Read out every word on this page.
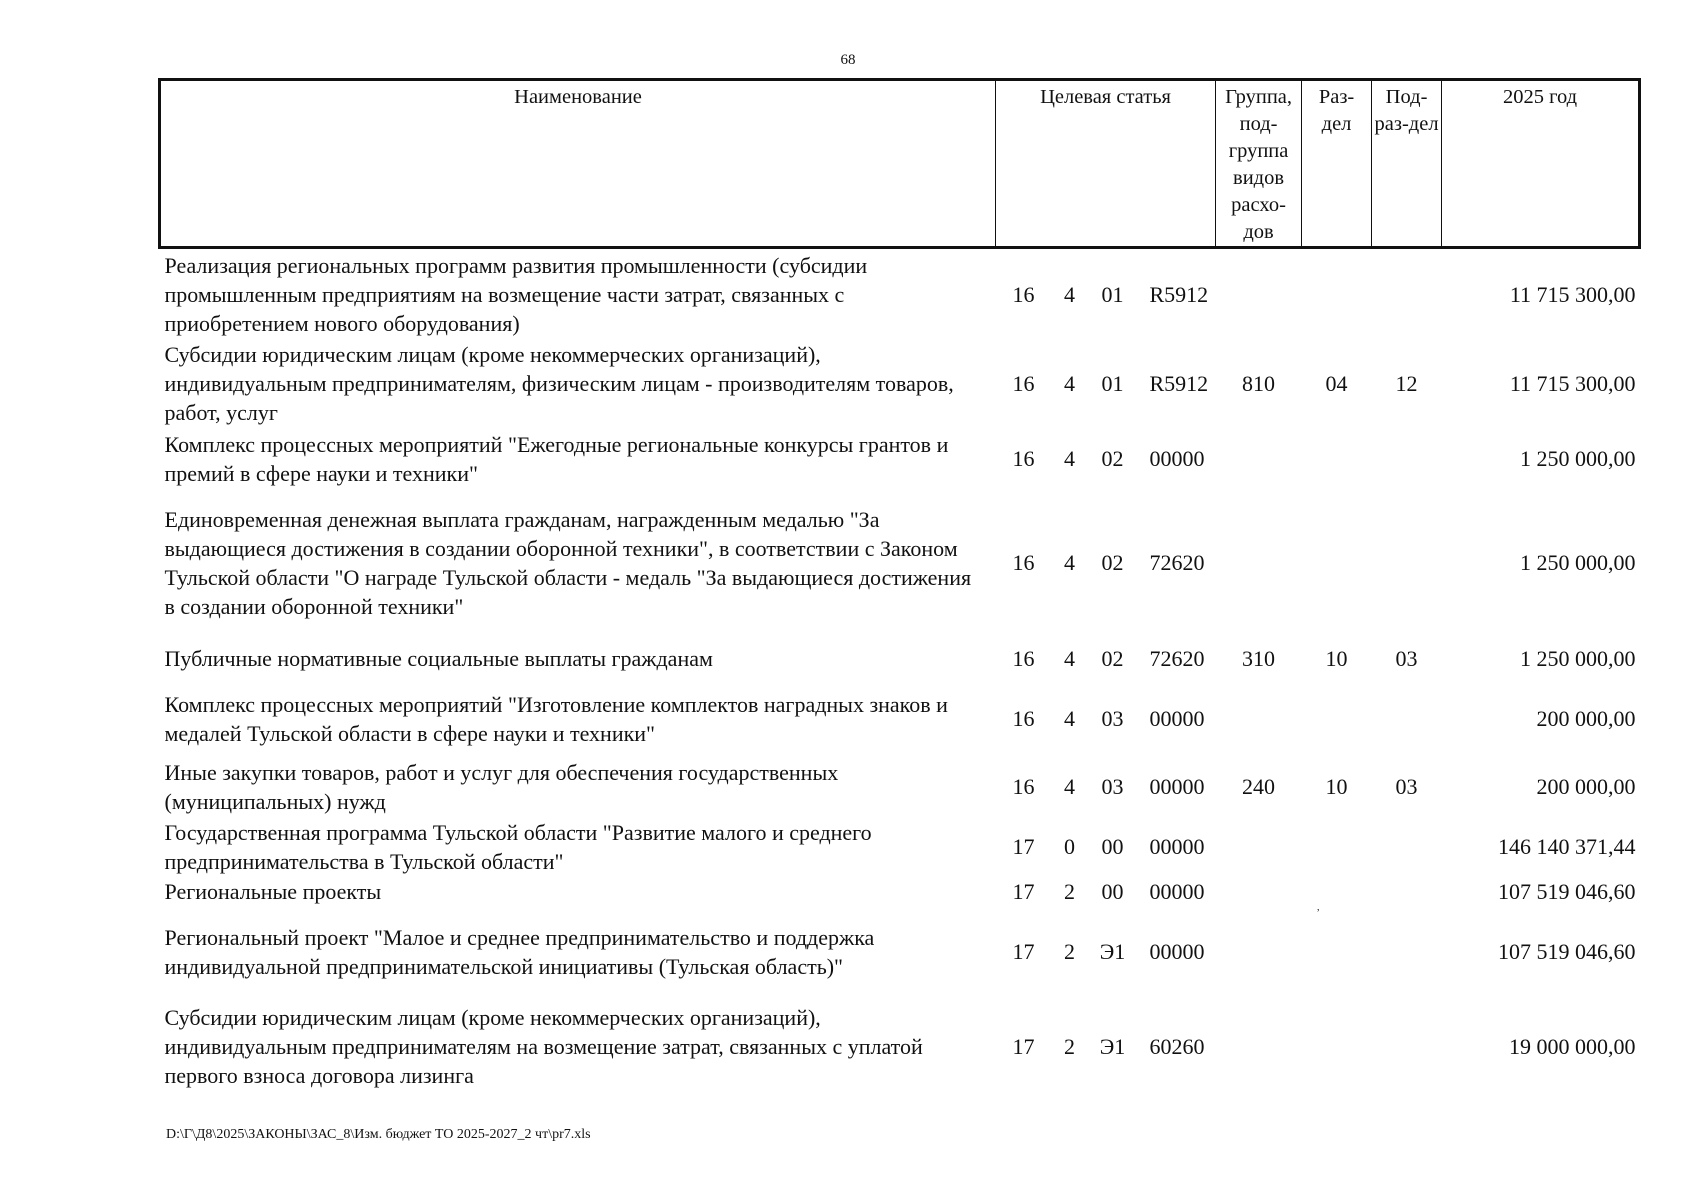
68
Наименование	Целевая статья				Группа, под-группа видов расхо-дов	Раз-дел	Под-раз-дел	2025 год
Реализация региональных программ развития промышленности (субсидии промышленным предприятиям на возмещение части затрат, связанных с приобретением нового оборудования)	16	4	01	R5912				11 715 300,00
Субсидии юридическим лицам (кроме некоммерческих организаций), индивидуальным предпринимателям, физическим лицам - производителям товаров, работ, услуг	16	4	01	R5912	810	04	12	11 715 300,00
Комплекс процессных мероприятий "Ежегодные региональные конкурсы грантов и премий в сфере науки и техники"	16	4	02	00000				1 250 000,00
Единовременная денежная выплата гражданам, награжденным медалью "За выдающиеся достижения в создании оборонной техники", в соответствии с Законом Тульской области "О награде Тульской области - медаль "За выдающиеся достижения в создании оборонной техники"	16	4	02	72620				1 250 000,00
Публичные нормативные социальные выплаты гражданам	16	4	02	72620	310	10	03	1 250 000,00
Комплекс процессных мероприятий "Изготовление комплектов наградных знаков и медалей Тульской области в сфере науки и техники"	16	4	03	00000				200 000,00
Иные закупки товаров, работ и услуг для обеспечения государственных (муниципальных) нужд	16	4	03	00000	240	10	03	200 000,00
Государственная программа Тульской области "Развитие малого и среднего предпринимательства в Тульской области"	17	0	00	00000				146 140 371,44
Региональные проекты	17	2	00	00000				107 519 046,60
Региональный проект "Малое и среднее предпринимательство и поддержка индивидуальной предпринимательской инициативы (Тульская область)"	17	2	Э1	00000				107 519 046,60
Субсидии юридическим лицам (кроме некоммерческих организаций), индивидуальным предпринимателям на возмещение затрат, связанных с уплатой первого взноса договора лизинга	17	2	Э1	60260				19 000 000,00
,
D:\Г\Д8\2025\ЗАКОНЫ\ЗАС_8\Изм. бюджет ТО 2025-2027_2 чт\pr7.xls
